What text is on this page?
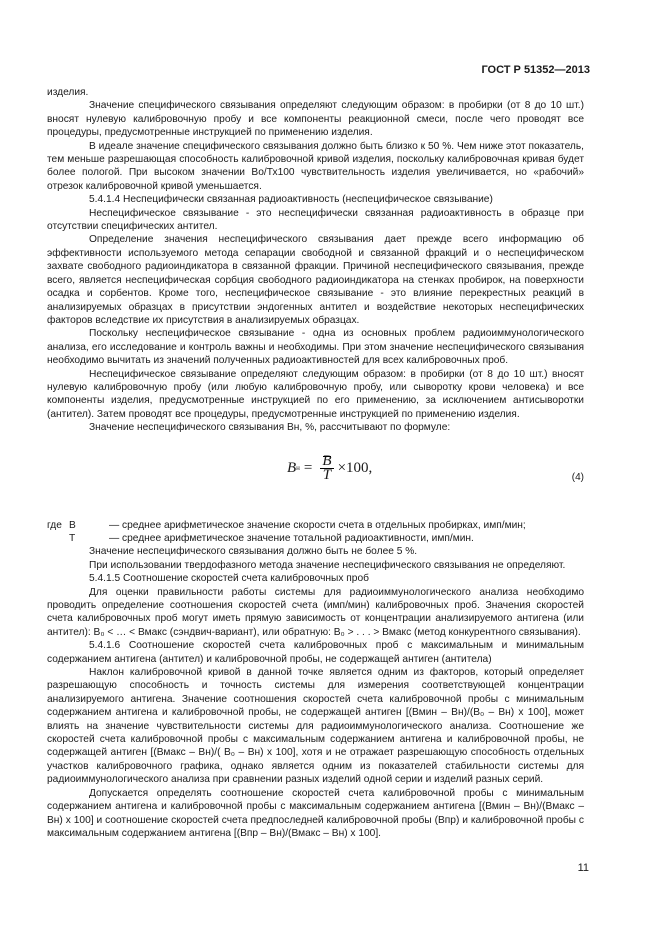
ГОСТ Р 51352—2013

изделия.

Значение специфического связывания определяют следующим образом: в пробирки (от 8 до 10 шт.) вносят нулевую калибровочную пробу и все компоненты реакционной смеси, после чего проводят все процедуры, предусмотренные инструкцией по применению изделия.

В идеале значение специфического связывания должно быть близко к 50 %. Чем ниже этот показатель, тем меньше разрешающая способность калибровочной кривой изделия, поскольку калибровочная кривая будет более пологой. При высоком значении Во/Тх100 чувствительность изделия увеличивается, но «рабочий» отрезок калибровочной кривой уменьшается.

5.4.1.4 Неспецифически связанная радиоактивность (неспецифическое связывание)

Неспецифическое связывание - это неспецифически связанная радиоактивность в образце при отсутствии специфических антител.

Определение значения неспецифического связывания дает прежде всего информацию об эффективности используемого метода сепарации свободной и связанной фракций и о неспецифическом захвате свободного радиоиндикатора в связанной фракции. Причиной неспецифического связывания, прежде всего, является неспецифическая сорбция свободного радиоиндикатора на стенках пробирок, на поверхности осадка и сорбентов. Кроме того, неспецифическое связывание - это влияние перекрестных реакций в анализируемых образцах в присутствии эндогенных антител и воздействие некоторых неспецифических факторов вследствие их присутствия в анализируемых образцах.

Поскольку неспецифическое связывание - одна из основных проблем радиоиммунологического анализа, его исследование и контроль важны и необходимы. При этом значение неспецифического связывания необходимо вычитать из значений полученных радиоактивностей для всех калибровочных проб.

Неспецифическое связывание определяют следующим образом: в пробирки (от 8 до 10 шт.) вносят нулевую калибровочную пробу (или любую калибровочную пробу, или сыворотку крови человека) и все компоненты изделия, предусмотренные инструкцией по его применению, за исключением антисыворотки (антител). Затем проводят все процедуры, предусмотренные инструкцией по применению изделия.

Значение неспецифического связывания Вн, %, рассчитывают по формуле:

B $н = \frac{B}{T} \times 100$,
(4)
где B	— среднее арифметическое значение скорости счета в отдельных пробирках, имп/мин;
Т	— среднее арифметическое значение тотальной радиоактивности, имп/мин.

Значение неспецифического связывания должно быть не более 5 %.

При использовании твердофазного метода значение неспецифического связывания не определяют.

5.4.1.5 Соотношение скоростей счета калибровочных проб

Для оценки правильности работы системы для радиоиммунологического анализа необходимо проводить определение соотношения скоростей счета (имп/мин) калибровочных проб. Значения скоростей счета калибровочных проб могут иметь прямую зависимость от концентрации анализируемого антигена (или антител): В₀ < … < Вмакс (сэндвич-вариант), или обратную: В₀ > . . . > Вмакс (метод конкурентного связывания).

5.4.1.6 Соотношение скоростей счета калибровочных проб с максимальным и минимальным содержанием антигена (антител) и калибровочной пробы, не содержащей антиген (антитела)

Наклон калибровочной кривой в данной точке является одним из факторов, который определяет разрешающую способность и точность системы для измерения соответствующей концентрации анализируемого антигена. Значение соотношения скоростей счета калибровочной пробы с минимальным содержанием антигена и калибровочной пробы, не содержащей антиген [(Вмин – Вн)/(В₀ – Вн) х 100], может влиять на значение чувствительности системы для радиоиммунологического анализа. Соотношение же скоростей счета калибровочной пробы с максимальным содержанием антигена и калибровочной пробы, не содержащей антиген [(Вмакс – Вн)/( В₀ – Вн) х 100], хотя и не отражает разрешающую способность отдельных участков калибровочного графика, однако является одним из показателей стабильности системы для радиоиммунологического анализа при сравнении разных изделий одной серии и изделий разных серий.

Допускается определять соотношение скоростей счета калибровочной пробы с минимальным содержанием антигена и калибровочной пробы с максимальным содержанием антигена [(Вмин – Вн)/(Вмакс – Вн) х 100] и соотношение скоростей счета предпоследней калибровочной пробы (Впр) и калибровочной пробы с максимальным содержанием антигена [(Впр – Вн)/(Вмакс – Вн) х 100].

11
